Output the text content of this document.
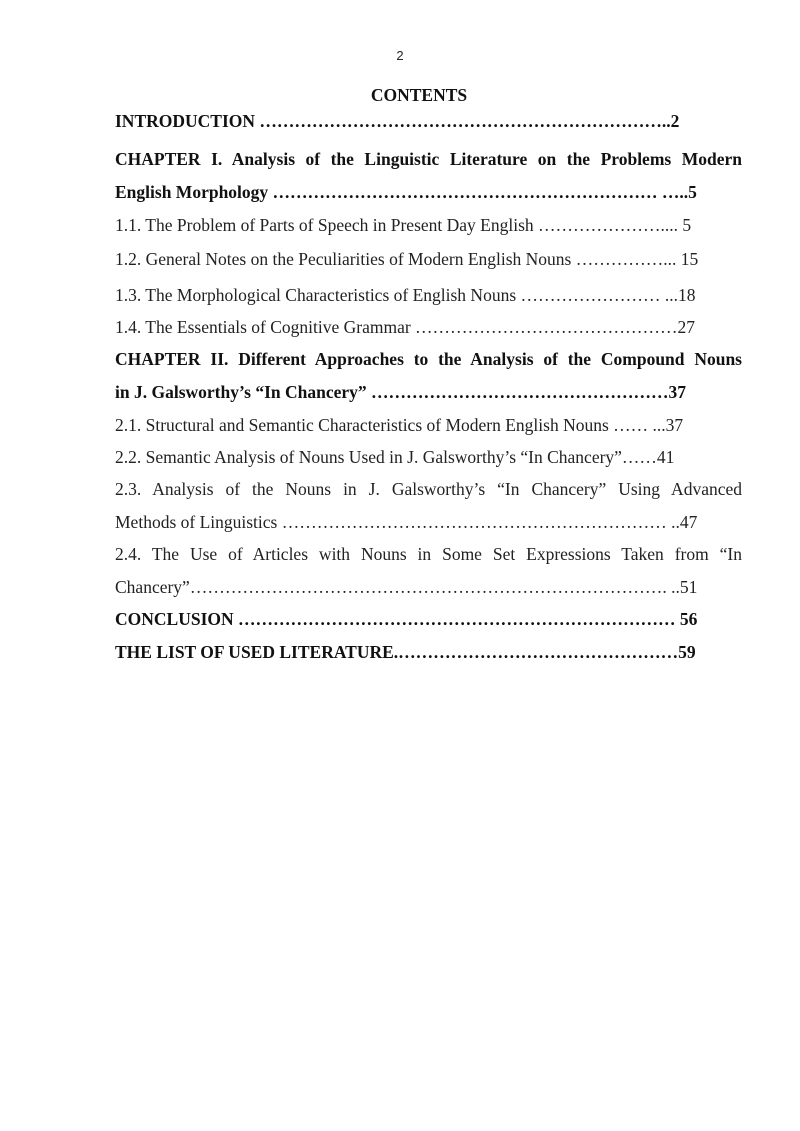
2
CONTENTS
INTRODUCTION ……………………………………………………………..2
CHAPTER I. Analysis of the Linguistic Literature on the Problems Modern
English Morphology ………………………………………………………… …..5
1.1. The Problem of Parts of Speech in Present Day English ………………….... 5
1.2. General Notes on the Peculiarities of Modern English Nouns ……………... 15
1.3. The Morphological Characteristics of English Nouns …………………… ...18
1.4. The Essentials of Cognitive Grammar ………………………………………27
CHAPTER II. Different Approaches to the Analysis of the Compound Nouns
in J. Galsworthy’s “In Chancery” ……………………………………………37
2.1. Structural and Semantic Characteristics of Modern English Nouns …… ...37
2.2. Semantic Analysis of Nouns Used in J. Galsworthy’s “In Chancery”……41
2.3. Analysis of the Nouns in J. Galsworthy’s “In Chancery” Using Advanced
Methods of Linguistics ………………………………………………………… ..47
2.4. The Use of Articles with Nouns in Some Set Expressions Taken from “In
Chancery”………………………………………………………………………. ..51
CONCLUSION ………………………………………………………………… 56
THE LIST OF USED LITERATURE.…………………………………………59
